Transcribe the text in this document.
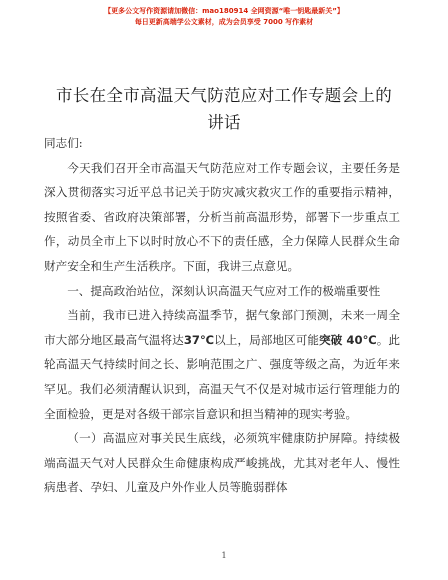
【更多公文写作资源请加微信：mao180914 全网资源“唯一钥匙最新关”】
每日更新高端学公文素材，成为会员享受 7000 写作素材
市长在全市高温天气防范应对工作专题会上的
讲话

同志们:

今天我们召开全市高温天气防范应对工作专题会议，主要任务是深入贯彻落实习近平总书记关于防灾减灾救灾工作的重要指示精神，按照省委、省政府决策部署，分析当前高温形势，部署下一步重点工作，动员全市上下以时时放心不下的责任感，全力保障人民群众生命财产安全和生产生活秩序。下面，我讲三点意见。

一、提高政治站位，深刻认识高温天气应对工作的极端重要性

当前，我市已进入持续高温季节，据气象部门预测，未来一周全市大部分地区最高气温将达37℃以上，局部地区可能突破 40℃。此轮高温天气持续时间之长、影响范围之广、强度等级之高，为近年来罕见。我们必须清醒认识到，高温天气不仅是对城市运行管理能力的全面检验，更是对各级干部宗旨意识和担当精神的现实考验。

（一）高温应对事关民生底线，必须筑牢健康防护屏障。持续极端高温天气对人民群众生命健康构成严峻挑战，尤其对老年人、慢性病患者、孕妇、儿童及户外作业人员等脆弱群体

1
